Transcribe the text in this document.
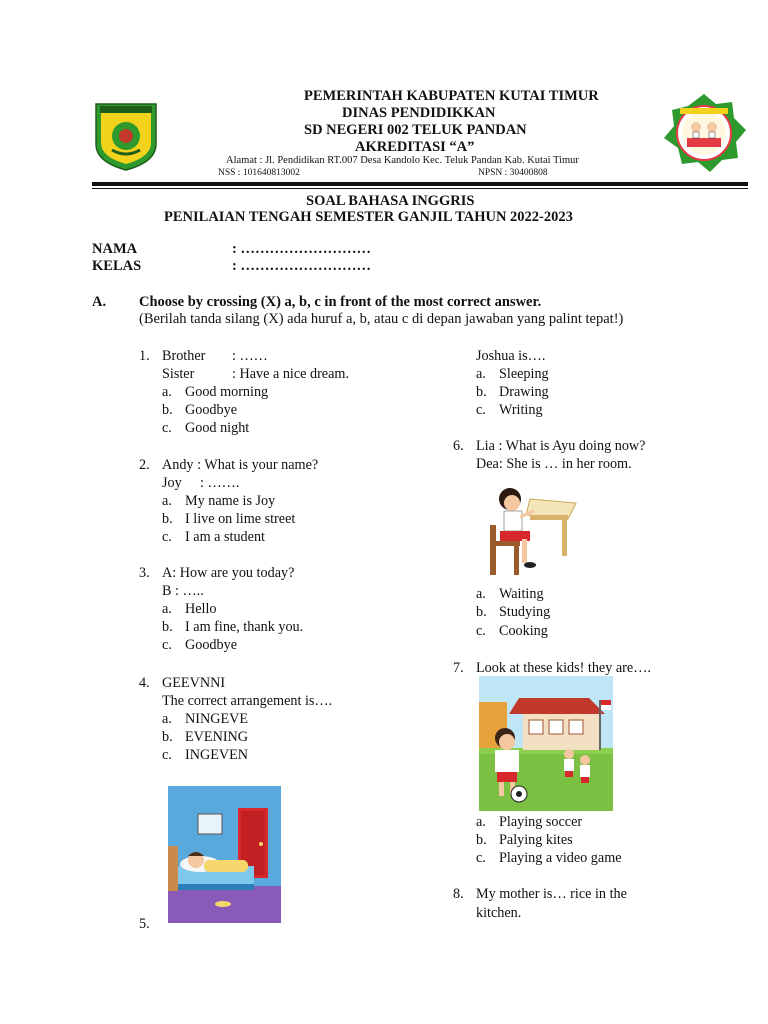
PEMERINTAH KABUPATEN KUTAI TIMUR
DINAS PENDIDIKKAN
SD NEGERI 002 TELUK PANDAN
AKREDITASI “A”
Alamat : Jl. Pendidikan RT.007 Desa Kandolo Kec. Teluk Pandan Kab. Kutai Timur
NSS : 101640813002	NPSN : 30400808
SOAL BAHASA INGGRIS
PENILAIAN TENGAH SEMESTER GANJIL TAHUN 2022-2023
NAMA	: ………………………
KELAS	: ………………………
A. Choose by crossing (X) a, b, c in front of the most correct answer.
(Berilah tanda silang (X) ada huruf a, b, atau c di depan jawaban yang palint tepat!)
1. Brother : ……
Sister	: Have a nice dream.
a. Good morning
b. Goodbye
c. Good night
2. Andy : What is your name?
Joy : …….
a. My name is Joy
b. I live on lime street
c. I am a student
3. A: How are you today?
B : …..
a. Hello
b. I am fine, thank you.
c. Goodbye
4. GEEVNNI
The correct arrangement is….
a. NINGEVE
b. EVENING
c. INGEVEN
5.
Joshua is….
a. Sleeping
b. Drawing
c. Writing
6. Lia : What is Ayu doing now?
Dea: She is … in her room.
a. Waiting
b. Studying
c. Cooking
7. Look at these kids! they are….
a. Playing soccer
b. Palying kites
c. Playing a video game
8. My mother is… rice in the
kitchen.
